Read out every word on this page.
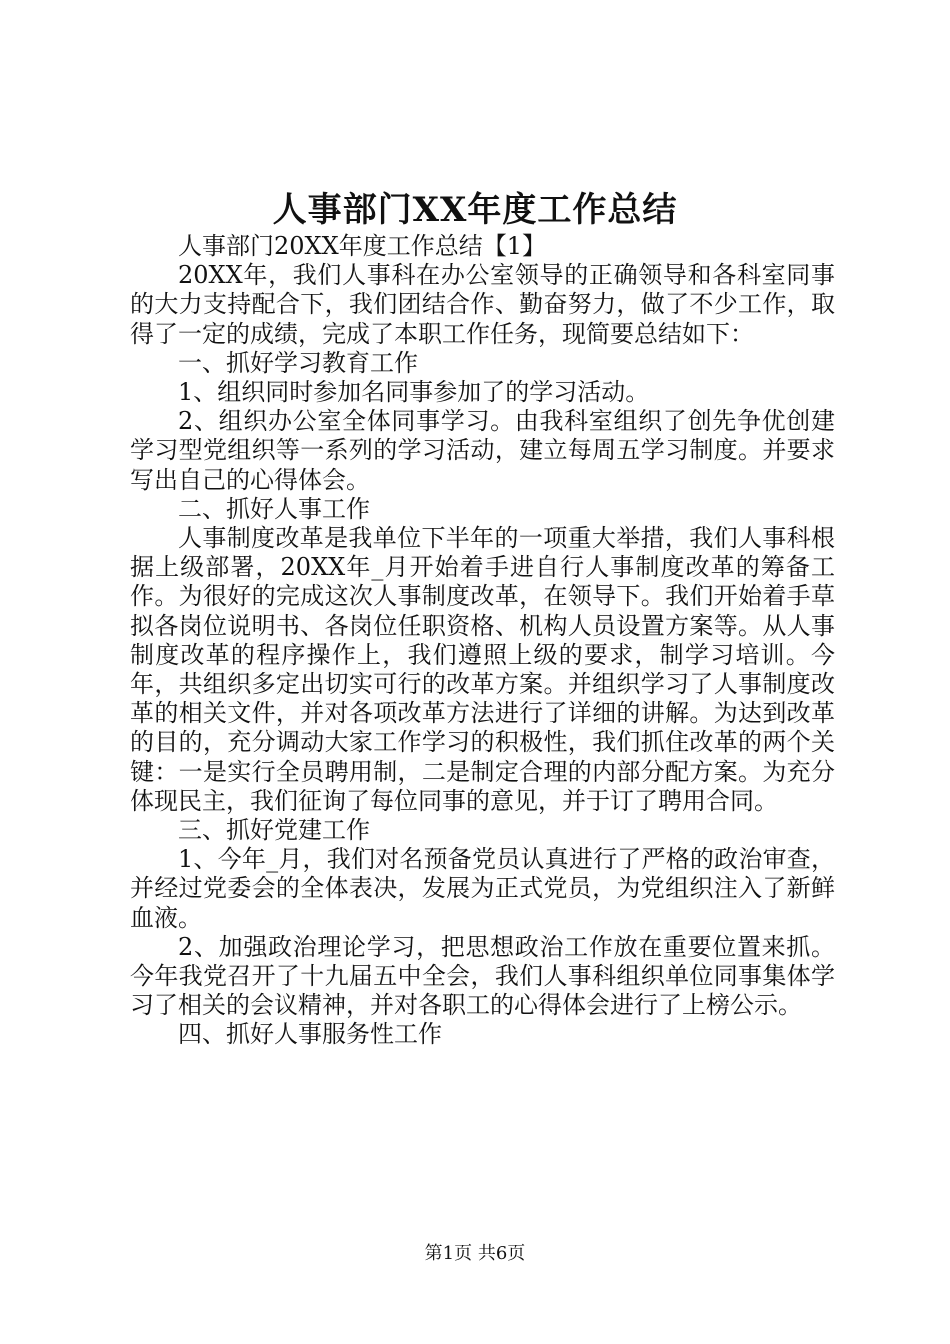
人事部门XX年度工作总结

人事部门20XX年度工作总结【1】

20XX年，我们人事科在办公室领导的正确领导和各科室同事的大力支持配合下，我们团结合作、勤奋努力，做了不少工作，取得了一定的成绩，完成了本职工作任务，现简要总结如下：

一、抓好学习教育工作

1、组织同时参加名同事参加了的学习活动。

2、组织办公室全体同事学习。由我科室组织了创先争优创建学习型党组织等一系列的学习活动，建立每周五学习制度。并要求写出自己的心得体会。

二、抓好人事工作

人事制度改革是我单位下半年的一项重大举措，我们人事科根据上级部署，20XX年_月开始着手进自行人事制度改革的筹备工作。为很好的完成这次人事制度改革，在领导下。我们开始着手草拟各岗位说明书、各岗位任职资格、机构人员设置方案等。从人事制度改革的程序操作上，我们遵照上级的要求，制学习培训。今年，共组织多定出切实可行的改革方案。并组织学习了人事制度改革的相关文件，并对各项改革方法进行了详细的讲解。为达到改革的目的，充分调动大家工作学习的积极性，我们抓住改革的两个关键：一是实行全员聘用制，二是制定合理的内部分配方案。为充分体现民主，我们征询了每位同事的意见，并于订了聘用合同。

三、抓好党建工作

1、今年_月，我们对名预备党员认真进行了严格的政治审查，并经过党委会的全体表决，发展为正式党员，为党组织注入了新鲜血液。

2、加强政治理论学习，把思想政治工作放在重要位置来抓。今年我党召开了十九届五中全会，我们人事科组织单位同事集体学习了相关的会议精神，并对各职工的心得体会进行了上榜公示。

四、抓好人事服务性工作

第1页 共6页
